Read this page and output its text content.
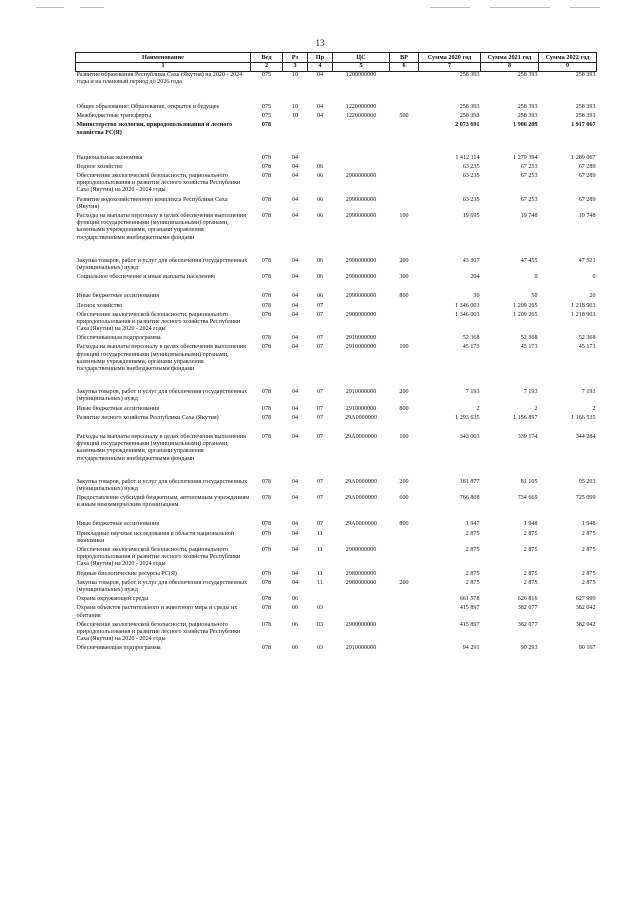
13
Наименование	Вед	Рз	Пр	ЦС	ВР	Сумма 2020 год	Сумма 2021 год	Сумма 2022 год
1	2	3	4	5	6	7	8	9
Развитие образования Республики Саха (Якутия) на 2020 - 2024 годы и на плановый период до 2026 года	075	10	04	1200000000		258 393	258 393	258 393
Общее образование: Образование, открытое в будущее	075	10	04	1220000000		258 393	258 393	258 393
Межбюджетные трансферты	075	10	04	1220000000	500	258 393	258 393	258 393
Министерство экологии, природопользования и лесного хозяйства РС(Я)	078					2 073 691	1 906 209	1 917 067
Национальная экономика	078	04				1 412 114	1 279 394	1 289 067
Водное хозяйство	078	04	06			63 235	67 253	67 289
Обеспечение экологической безопасности, рационального природопользования и развитие лесного хозяйства Республики Саха (Якутия) на 2020 - 2024 годы	078	04	06	2900000000		63 235	67 253	67 289
Развитие водохозяйственного комплекса Республики Саха (Якутия)	078	04	06	2990000000		63 235	67 253	67 289
Расходы на выплаты персоналу в целях обеспечения выполнения функций государственными (муниципальными) органами, казенными учреждениями, органами управления государственными внебюджетными фондами	078	04	06	2990000000	100	19 695	19 748	19 748
Закупка товаров, работ и услуг для обеспечения государственных (муниципальных) нужд	078	04	06	2990000000	200	43 307	47 455	47 521
Социальное обеспечение и иные выплаты населению	078	04	06	2990000000	300	204	0	0
Иные бюджетные ассигнования	078	04	06	2990000000	800	30	50	20
Лесное хозяйство	078	04	07			1 346 003	1 209 265	1 218 903
Обеспечение экологической безопасности, рационального природопользования и развитие лесного хозяйства Республики Саха (Якутия) на 2020 - 2024 годы	078	04	07	2900000000		1 346 003	1 209 265	1 218 903
Обеспечивающая подпрограмма	078	04	07	2910000000		52 368	52 368	52 368
Расходы на выплаты персоналу в целях обеспечения выполнения функций государственными (муниципальными) органами, казенными учреждениями, органами управления государственными внебюджетными фондами	078	04	07	2910000000	100	45 173	45 173	45 173
Закупка товаров, работ и услуг для обеспечения государственных (муниципальных) нужд	078	04	07	2910000000	200	7 193	7 193	7 193
Иные бюджетные ассигнования	078	04	07	2910000000	800	2	2	2
Развитие лесного хозяйства Республики Саха (Якутия)	078	04	07	29А0000000		1 293 635	1 156 897	1 166 535
Расходы на выплаты персоналу в целях обеспечения выполнения функций государственными (муниципальными) органами, казенными учреждениями, органами управления государственными внебюджетными фондами	078	04	07	29А0000000	100	343 003	339 174	344 284
Закупка товаров, работ и услуг для обеспечения государственных (муниципальных) нужд	078	04	07	29А0000000	200	181 877	81 105	95 203
Предоставление субсидий бюджетным, автономным учреждениям и иным некоммерческим организациям	078	04	07	29А0000000	600	766 808	734 669	725 099
Иные бюджетные ассигнования	078	04	07	29А0000000	800	1 947	1 948	1 948
Прикладные научные исследования в области национальной экономики	078	04	11			2 875	2 875	2 875
Обеспечение экологической безопасности, рационального природопользования и развитие лесного хозяйства Республики Саха (Якутия) на 2020 - 2024 годы	078	04	11	2900000000		2 875	2 875	2 875
Водные биологические ресурсы РС(Я)	078	04	11	2980000000		2 875	2 875	2 875
Закупка товаров, работ и услуг для обеспечения государственных (муниципальных) нужд	078	04	11	2980000000	200	2 875	2 875	2 875
Охрана окружающей среды	078	06				661 578	626 816	627 999
Охрана объектов растительного и животного мира и среды их обитания	078	06	03			415 897	382 077	382 042
Обеспечение экологической безопасности, рационального природопользования и развитие лесного хозяйства Республики Саха (Якутия) на 2020 - 2024 годы	078	06	03	2900000000		415 897	382 077	382 042
Обеспечивающая подпрограмма	078	06	03	2910000000		94 291	90 293	90 167
